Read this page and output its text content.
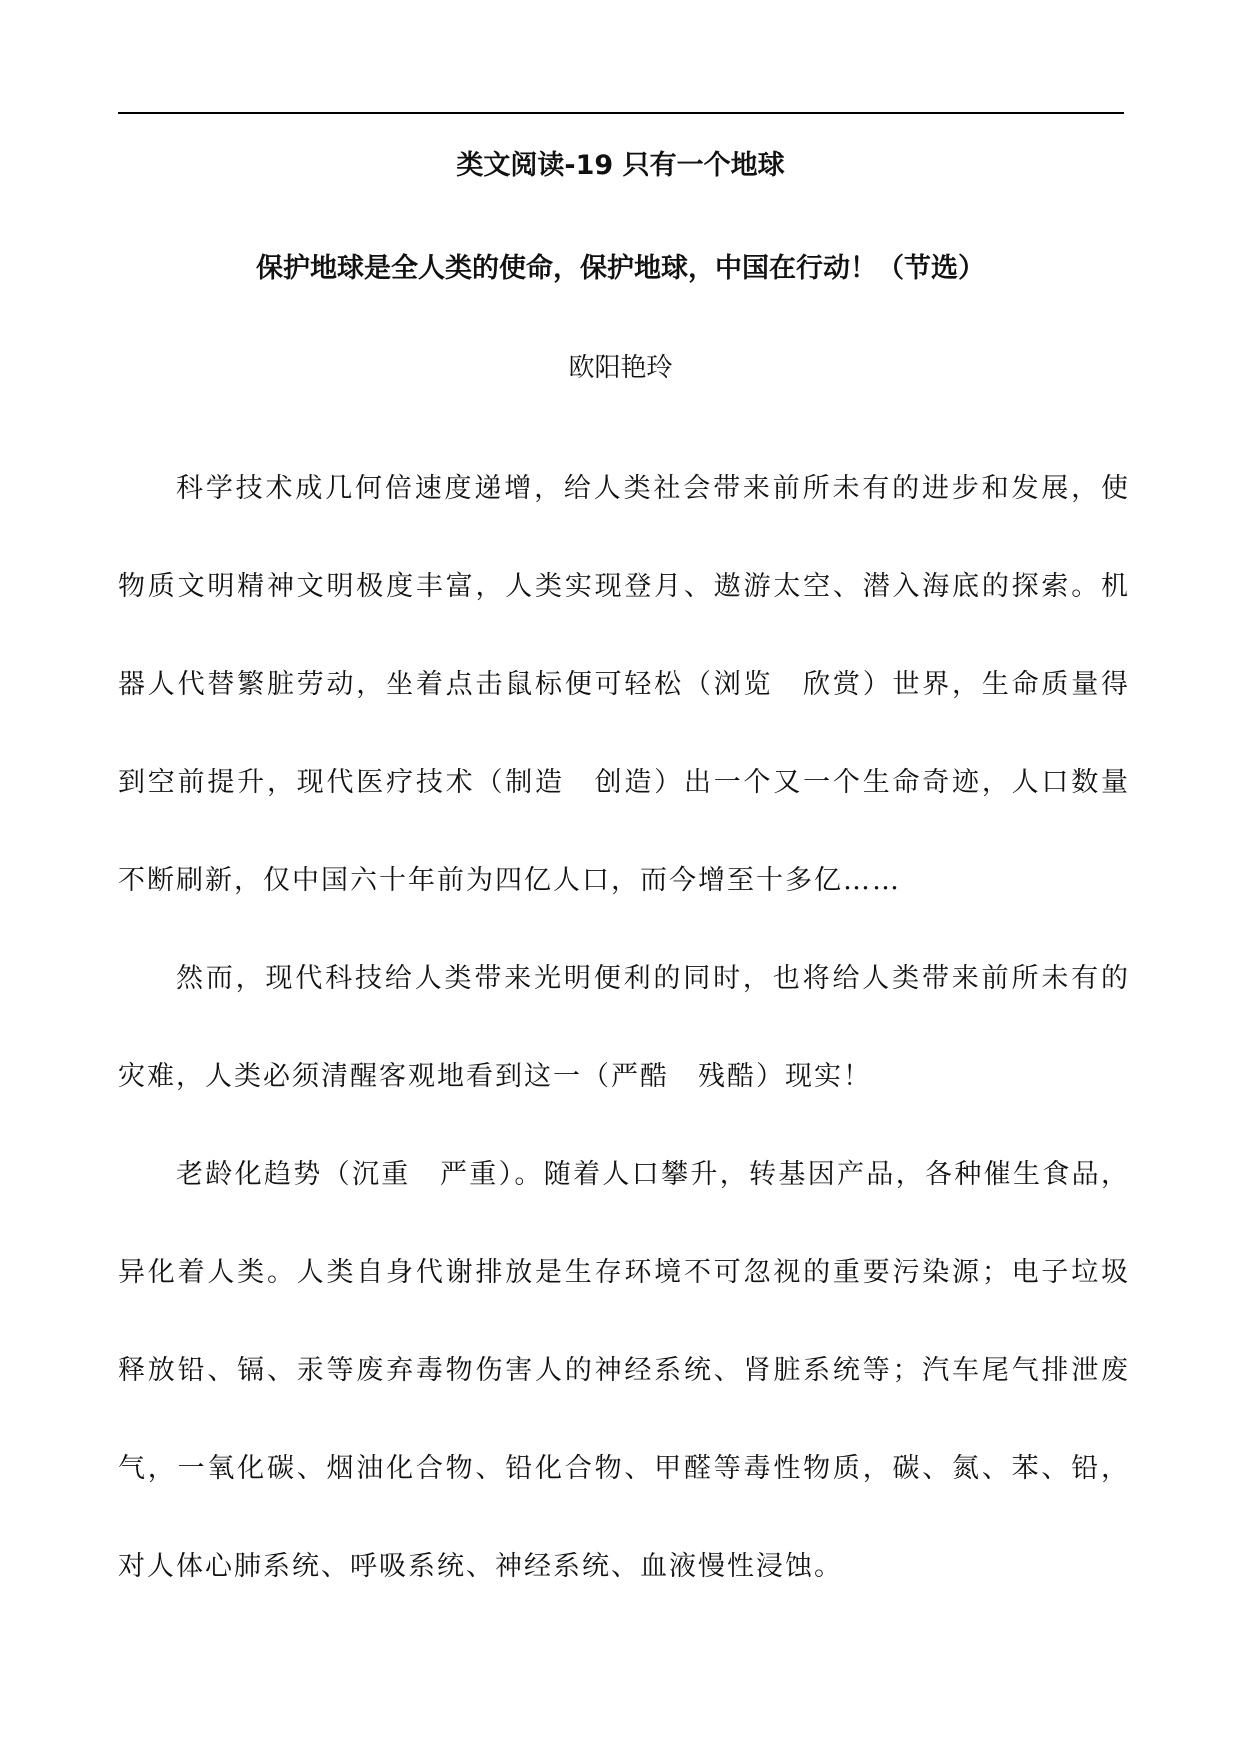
类文阅读-19 只有一个地球
保护地球是全人类的使命，保护地球，中国在行动！（节选）
欧阳艳玲

科学技术成几何倍速度递增，给人类社会带来前所未有的进步和发展，使物质文明精神文明极度丰富，人类实现登月、遨游太空、潜入海底的探索。机器人代替繁脏劳动，坐着点击鼠标便可轻松（浏览　欣赏）世界，生命质量得到空前提升，现代医疗技术（制造　创造）出一个又一个生命奇迹，人口数量不断刷新，仅中国六十年前为四亿人口，而今增至十多亿……

然而，现代科技给人类带来光明便利的同时，也将给人类带来前所未有的灾难，人类必须清醒客观地看到这一（严酷　残酷）现实！

老龄化趋势（沉重　严重）。随着人口攀升，转基因产品，各种催生食品，异化着人类。人类自身代谢排放是生存环境不可忽视的重要污染源；电子垃圾释放铅、镉、汞等废弃毒物伤害人的神经系统、肾脏系统等；汽车尾气排泄废气，一氧化碳、烟油化合物、铅化合物、甲醛等毒性物质，碳、氮、苯、铅，对人体心肺系统、呼吸系统、神经系统、血液慢性浸蚀。
